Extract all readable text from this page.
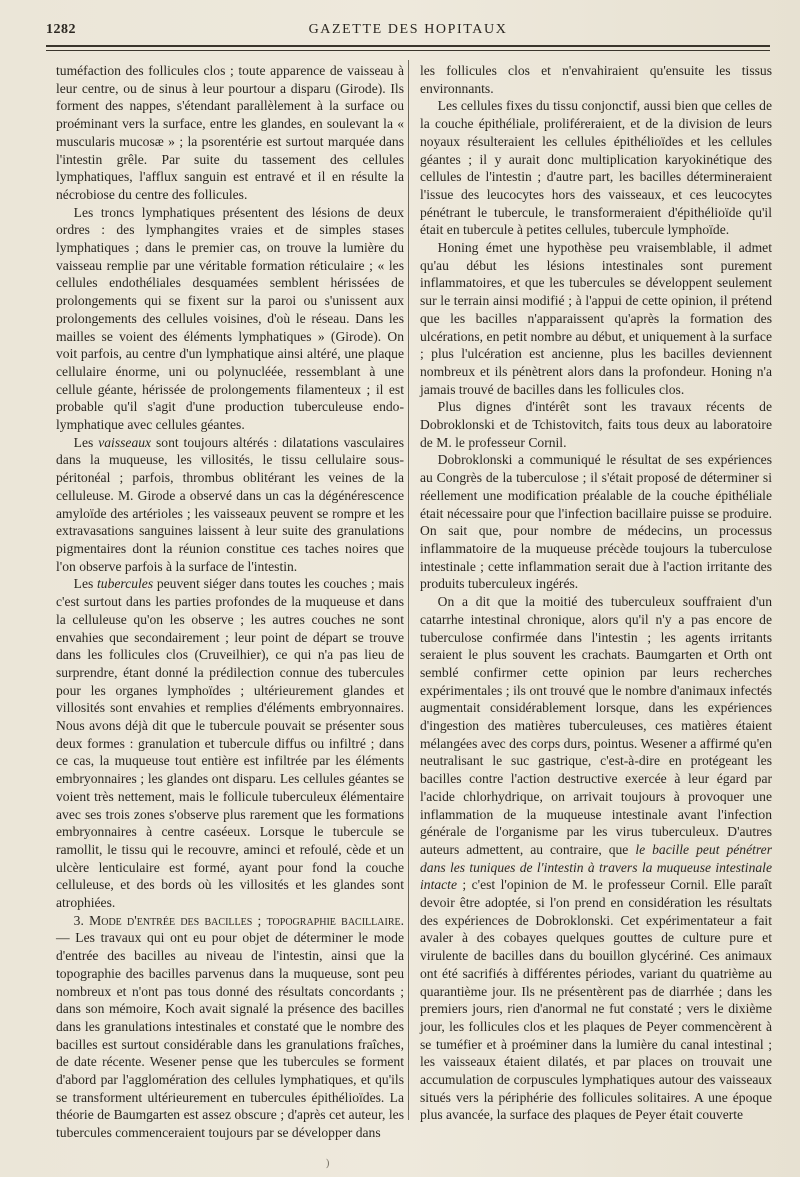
1282	GAZETTE DES HOPITAUX

tuméfaction des follicules clos ; toute apparence de vaisseau à leur centre, ou de sinus à leur pourtour a disparu (Girode). Ils forment des nappes, s'étendant parallèlement à la surface ou proéminant vers la surface, entre les glandes, en soulevant la « muscularis mucosæ » ; la psorentérie est surtout marquée dans l'intestin grêle. Par suite du tassement des cellules lymphatiques, l'afflux sanguin est entravé et il en résulte la nécrobiose du centre des follicules.

Les troncs lymphatiques présentent des lésions de deux ordres : des lymphangites vraies et de simples stases lymphatiques ; dans le premier cas, on trouve la lumière du vaisseau remplie par une véritable formation réticulaire ; « les cellules endothéliales desquamées semblent hérissées de prolongements qui se fixent sur la paroi ou s'unissent aux prolongements des cellules voisines, d'où le réseau. Dans les mailles se voient des éléments lymphatiques » (Girode). On voit parfois, au centre d'un lymphatique ainsi altéré, une plaque cellulaire énorme, uni ou polynucléée, ressemblant à une cellule géante, hérissée de prolongements filamenteux ; il est probable qu'il s'agit d'une production tuberculeuse endo-lymphatique avec cellules géantes.

Les vaisseaux sont toujours altérés : dilatations vasculaires dans la muqueuse, les villosités, le tissu cellulaire sous-péritonéal ; parfois, thrombus oblitérant les veines de la celluleuse. M. Girode a observé dans un cas la dégénérescence amyloïde des artérioles ; les vaisseaux peuvent se rompre et les extravasations sanguines laissent à leur suite des granulations pigmentaires dont la réunion constitue ces taches noires que l'on observe parfois à la surface de l'intestin.

Les tubercules peuvent siéger dans toutes les couches ; mais c'est surtout dans les parties profondes de la muqueuse et dans la celluleuse qu'on les observe ; les autres couches ne sont envahies que secondairement ; leur point de départ se trouve dans les follicules clos (Cruveilhier), ce qui n'a pas lieu de surprendre, étant donné la prédilection connue des tubercules pour les organes lymphoïdes ; ultérieurement glandes et villosités sont envahies et remplies d'éléments embryonnaires. Nous avons déjà dit que le tubercule pouvait se présenter sous deux formes : granulation et tubercule diffus ou infiltré ; dans ce cas, la muqueuse tout entière est infiltrée par les éléments embryonnaires ; les glandes ont disparu. Les cellules géantes se voient très nettement, mais le follicule tuberculeux élémentaire avec ses trois zones s'observe plus rarement que les formations embryonnaires à centre caséeux. Lorsque le tubercule se ramollit, le tissu qui le recouvre, aminci et refoulé, cède et un ulcère lenticulaire est formé, ayant pour fond la couche celluleuse, et des bords où les villosités et les glandes sont atrophiées.

3. Mode d'entrée des bacilles ; topographie bacillaire. — Les travaux qui ont eu pour objet de déterminer le mode d'entrée des bacilles au niveau de l'intestin, ainsi que la topographie des bacilles parvenus dans la muqueuse, sont peu nombreux et n'ont pas tous donné des résultats concordants ; dans son mémoire, Koch avait signalé la présence des bacilles dans les granulations intestinales et constaté que le nombre des bacilles est surtout considérable dans les granulations fraîches, de date récente. Wesener pense que les tubercules se forment d'abord par l'agglomération des cellules lymphatiques, et qu'ils se transforment ultérieurement en tubercules épithélioïdes. La théorie de Baumgarten est assez obscure ; d'après cet auteur, les tubercules commenceraient toujours par se développer dans

les follicules clos et n'envahiraient qu'ensuite les tissus environnants.

Les cellules fixes du tissu conjonctif, aussi bien que celles de la couche épithéliale, proliféreraient, et de la division de leurs noyaux résulteraient les cellules épithélioïdes et les cellules géantes ; il y aurait donc multiplication karyokinétique des cellules de l'intestin ; d'autre part, les bacilles détermineraient l'issue des leucocytes hors des vaisseaux, et ces leucocytes pénétrant le tubercule, le transformeraient d'épithélioïde qu'il était en tubercule à petites cellules, tubercule lymphoïde.

Honing émet une hypothèse peu vraisemblable, il admet qu'au début les lésions intestinales sont purement inflammatoires, et que les tubercules se développent seulement sur le terrain ainsi modifié ; à l'appui de cette opinion, il prétend que les bacilles n'apparaissent qu'après la formation des ulcérations, en petit nombre au début, et uniquement à la surface ; plus l'ulcération est ancienne, plus les bacilles deviennent nombreux et ils pénètrent alors dans la profondeur. Honing n'a jamais trouvé de bacilles dans les follicules clos.

Plus dignes d'intérêt sont les travaux récents de Dobroklonski et de Tchistovitch, faits tous deux au laboratoire de M. le professeur Cornil.

Dobroklonski a communiqué le résultat de ses expériences au Congrès de la tuberculose ; il s'était proposé de déterminer si réellement une modification préalable de la couche épithéliale était nécessaire pour que l'infection bacillaire puisse se produire. On sait que, pour nombre de médecins, un processus inflammatoire de la muqueuse précède toujours la tuberculose intestinale ; cette inflammation serait due à l'action irritante des produits tuberculeux ingérés.

On a dit que la moitié des tuberculeux souffraient d'un catarrhe intestinal chronique, alors qu'il n'y a pas encore de tuberculose confirmée dans l'intestin ; les agents irritants seraient le plus souvent les crachats. Baumgarten et Orth ont semblé confirmer cette opinion par leurs recherches expérimentales ; ils ont trouvé que le nombre d'animaux infectés augmentait considérablement lorsque, dans les expériences d'ingestion des matières tuberculeuses, ces matières étaient mélangées avec des corps durs, pointus. Wesener a affirmé qu'en neutralisant le suc gastrique, c'est-à-dire en protégeant les bacilles contre l'action destructive exercée à leur égard par l'acide chlorhydrique, on arrivait toujours à provoquer une inflammation de la muqueuse intestinale avant l'infection générale de l'organisme par les virus tuberculeux. D'autres auteurs admettent, au contraire, que le bacille peut pénétrer dans les tuniques de l'intestin à travers la muqueuse intestinale intacte ; c'est l'opinion de M. le professeur Cornil. Elle paraît devoir être adoptée, si l'on prend en considération les résultats des expériences de Dobroklonski. Cet expérimentateur a fait avaler à des cobayes quelques gouttes de culture pure et virulente de bacilles dans du bouillon glycériné. Ces animaux ont été sacrifiés à différentes périodes, variant du quatrième au quarantième jour. Ils ne présentèrent pas de diarrhée ; dans les premiers jours, rien d'anormal ne fut constaté ; vers le dixième jour, les follicules clos et les plaques de Peyer commencèrent à se tuméfier et à proéminer dans la lumière du canal intestinal ; les vaisseaux étaient dilatés, et par places on trouvait une accumulation de corpuscules lymphatiques autour des vaisseaux situés vers la périphérie des follicules solitaires. A une époque plus avancée, la surface des plaques de Peyer était couverte

)
